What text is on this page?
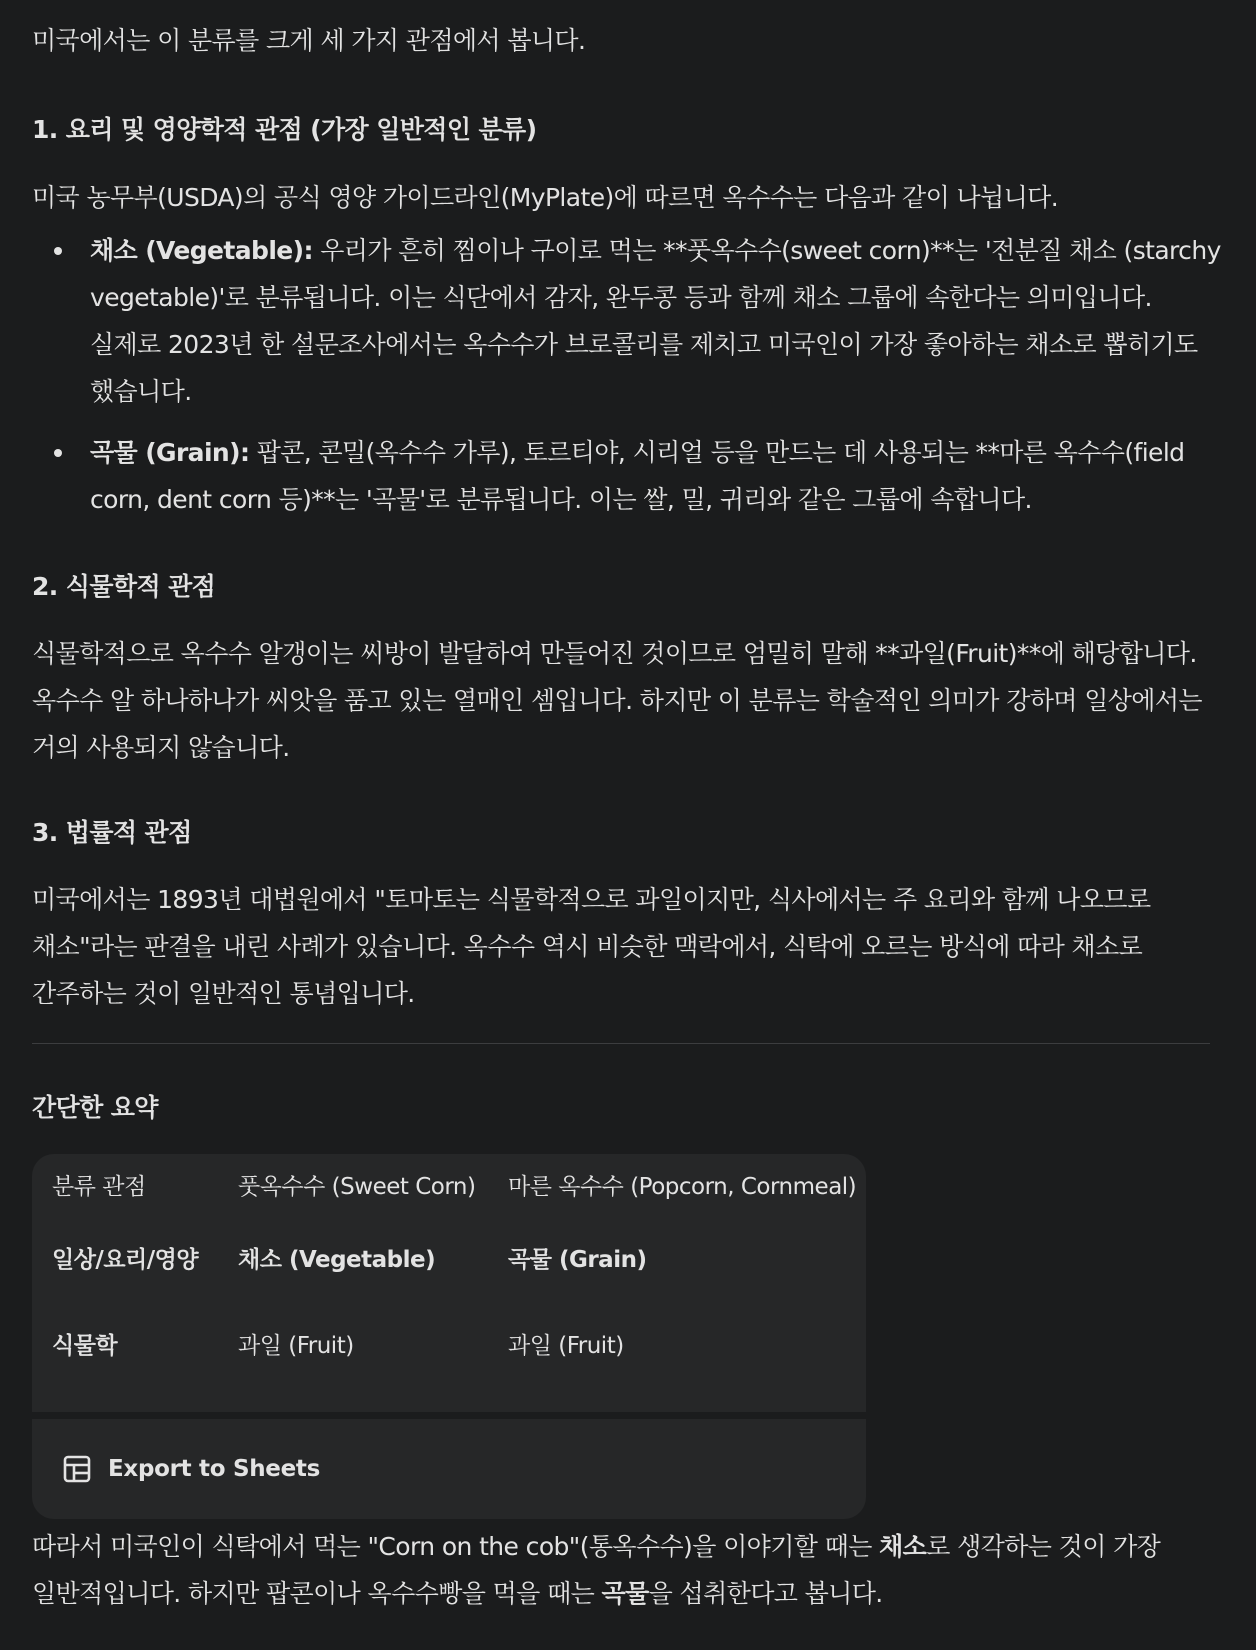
미국에서는 이 분류를 크게 세 가지 관점에서 봅니다.

1. 요리 및 영양학적 관점 (가장 일반적인 분류)

미국 농무부(USDA)의 공식 영양 가이드라인(MyPlate)에 따르면 옥수수는 다음과 같이 나뉩니다.

채소 (Vegetable): 우리가 흔히 찜이나 구이로 먹는 **풋옥수수(sweet corn)**는 '전분질 채소 (starchy vegetable)'로 분류됩니다. 이는 식단에서 감자, 완두콩 등과 함께 채소 그룹에 속한다는 의미입니다. 실제로 2023년 한 설문조사에서는 옥수수가 브로콜리를 제치고 미국인이 가장 좋아하는 채소로 뽑히기도 했습니다.
곡물 (Grain): 팝콘, 콘밀(옥수수 가루), 토르티야, 시리얼 등을 만드는 데 사용되는 **마른 옥수수(field corn, dent corn 등)**는 '곡물'로 분류됩니다. 이는 쌀, 밀, 귀리와 같은 그룹에 속합니다.

2. 식물학적 관점

식물학적으로 옥수수 알갱이는 씨방이 발달하여 만들어진 것이므로 엄밀히 말해 **과일(Fruit)**에 해당합니다. 옥수수 알 하나하나가 씨앗을 품고 있는 열매인 셈입니다. 하지만 이 분류는 학술적인 의미가 강하며 일상에서는 거의 사용되지 않습니다.

3. 법률적 관점

미국에서는 1893년 대법원에서 "토마토는 식물학적으로 과일이지만, 식사에서는 주 요리와 함께 나오므로 채소"라는 판결을 내린 사례가 있습니다. 옥수수 역시 비슷한 맥락에서, 식탁에 오르는 방식에 따라 채소로 간주하는 것이 일반적인 통념입니다.

간단한 요약

분류 관점	풋옥수수 (Sweet Corn)	마른 옥수수 (Popcorn, Cornmeal)
일상/요리/영양	채소 (Vegetable)	곡물 (Grain)
식물학	과일 (Fruit)	과일 (Fruit)
Export to Sheets

따라서 미국인이 식탁에서 먹는 "Corn on the cob"(통옥수수)을 이야기할 때는 채소로 생각하는 것이 가장 일반적입니다. 하지만 팝콘이나 옥수수빵을 먹을 때는 곡물을 섭취한다고 봅니다.
